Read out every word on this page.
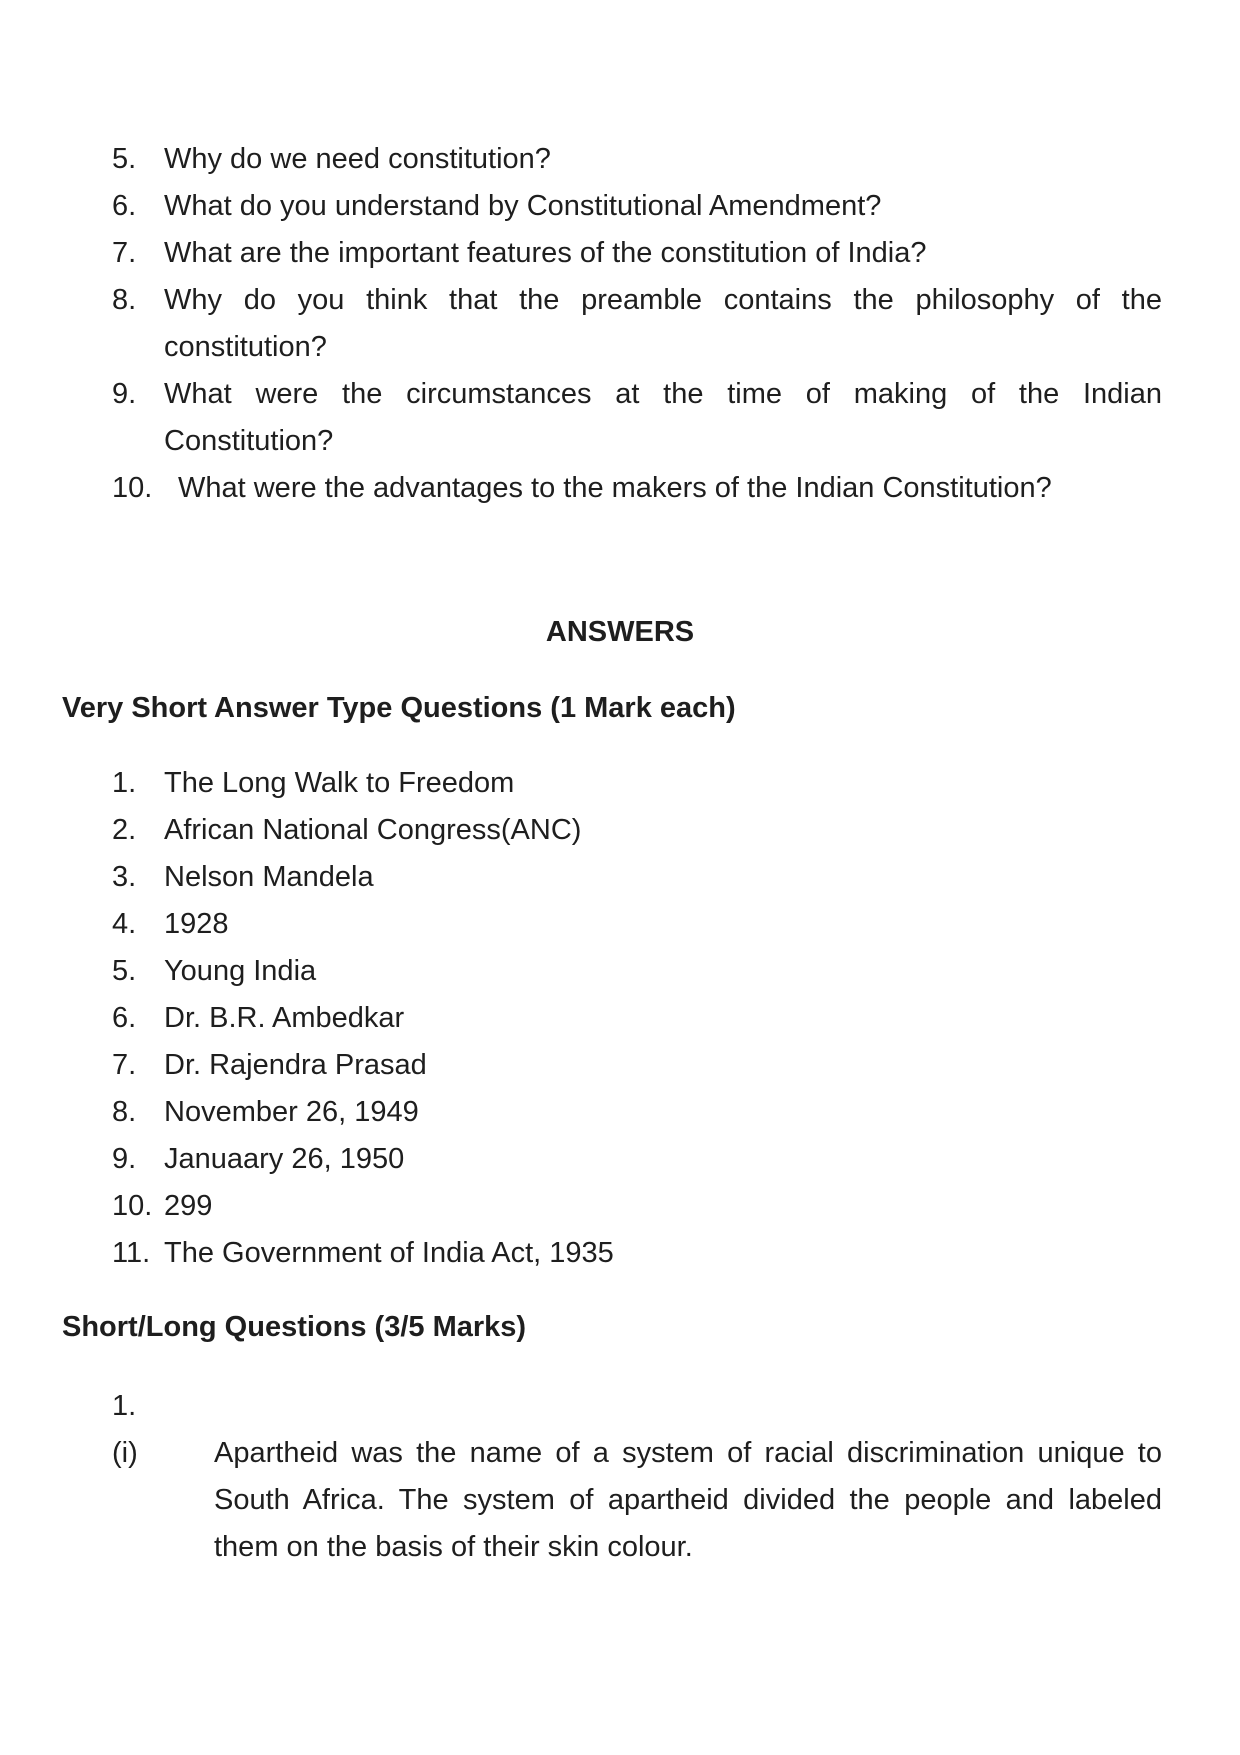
5. Why do we need constitution?
6. What do you understand by Constitutional Amendment?
7. What are the important features of the constitution of India?
8. Why do you think that the preamble contains the philosophy of the constitution?
9. What were the circumstances at the time of making of the Indian Constitution?
10. What were the advantages to the makers of the Indian Constitution?
ANSWERS
Very Short Answer Type Questions (1 Mark each)
1. The Long Walk to Freedom
2. African National Congress(ANC)
3. Nelson Mandela
4. 1928
5. Young India
6. Dr. B.R. Ambedkar
7. Dr. Rajendra Prasad
8. November 26, 1949
9. Januaary 26, 1950
10. 299
11. The Government of India Act, 1935
Short/Long Questions (3/5 Marks)
1.
(i)	Apartheid was the name of a system of racial discrimination unique to South Africa. The system of apartheid divided the people and labeled them on the basis of their skin colour.
